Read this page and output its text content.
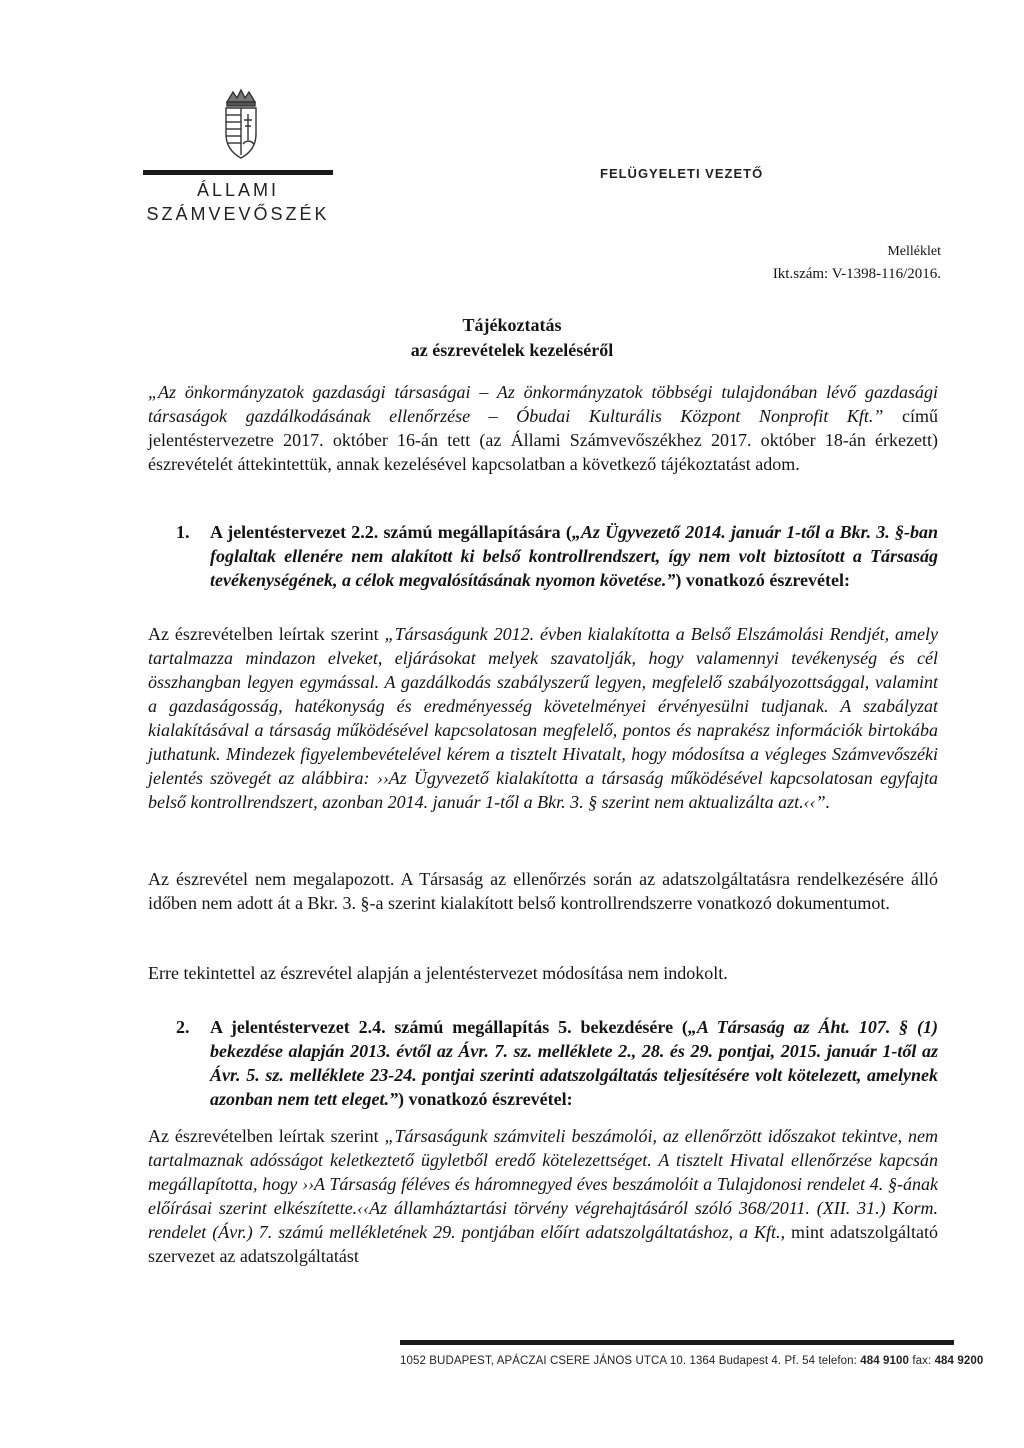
ÁLLAMI
SZÁMVEVŐSZÉK
FELÜGYELETI VEZETŐ
Melléklet
Ikt.szám: V-1398-116/2016.
Tájékoztatás
az észrevételek kezeléséről
„Az önkormányzatok gazdasági társaságai – Az önkormányzatok többségi tulajdonában lévő gazdasági társaságok gazdálkodásának ellenőrzése – Óbudai Kulturális Központ Nonprofit Kft.” című jelentéstervezetre 2017. október 16-án tett (az Állami Számvevőszékhez 2017. október 18-án érkezett) észrevételét áttekintettük, annak kezelésével kapcsolatban a következő tájékoztatást adom.
1. A jelentéstervezet 2.2. számú megállapítására („Az Ügyvezető 2014. január 1-től a Bkr. 3. §-ban foglaltak ellenére nem alakított ki belső kontrollrendszert, így nem volt biztosított a Társaság tevékenységének, a célok megvalósításának nyomon követése.”) vonatkozó észrevétel:
Az észrevételben leírtak szerint „Társaságunk 2012. évben kialakította a Belső Elszámolási Rendjét, amely tartalmazza mindazon elveket, eljárásokat melyek szavatolják, hogy valamennyi tevékenység és cél összhangban legyen egymással. A gazdálkodás szabályszerű legyen, megfelelő szabályozottsággal, valamint a gazdaságosság, hatékonyság és eredményesség követelményei érvényesülni tudjanak. A szabályzat kialakításával a társaság működésével kapcsolatosan megfelelő, pontos és naprakész információk birtokába juthatunk. Mindezek figyelembevételével kérem a tisztelt Hivatalt, hogy módosítsa a végleges Számvevőszéki jelentés szövegét az alábbira: ››Az Ügyvezető kialakította a társaság működésével kapcsolatosan egyfajta belső kontrollrendszert, azonban 2014. január 1-től a Bkr. 3. § szerint nem aktualizálta azt.‹‹”.
Az észrevétel nem megalapozott. A Társaság az ellenőrzés során az adatszolgáltatásra rendelkezésére álló időben nem adott át a Bkr. 3. §-a szerint kialakított belső kontrollrendszerre vonatkozó dokumentumot.
Erre tekintettel az észrevétel alapján a jelentéstervezet módosítása nem indokolt.
2. A jelentéstervezet 2.4. számú megállapítás 5. bekezdésére („A Társaság az Áht. 107. § (1) bekezdése alapján 2013. évtől az Ávr. 7. sz. melléklete 2., 28. és 29. pontjai, 2015. január 1-től az Ávr. 5. sz. melléklete 23-24. pontjai szerinti adatszolgáltatás teljesítésére volt kötelezett, amelynek azonban nem tett eleget.”) vonatkozó észrevétel:
Az észrevételben leírtak szerint „Társaságunk számviteli beszámolói, az ellenőrzött időszakot tekintve, nem tartalmaznak adósságot keletkeztető ügyletből eredő kötelezettséget. A tisztelt Hivatal ellenőrzése kapcsán megállapította, hogy ››A Társaság féléves és háromnegyed éves beszámolóit a Tulajdonosi rendelet 4. §-ának előírásai szerint elkészítette.‹‹Az államháztartási törvény végrehajtásáról szóló 368/2011. (XII. 31.) Korm. rendelet (Ávr.) 7. számú mellékletének 29. pontjában előírt adatszolgáltatáshoz, a Kft., mint adatszolgáltató szervezet az adatszolgáltatást
1052 BUDAPEST, APÁCZAI CSERE JÁNOS UTCA 10. 1364 Budapest 4. Pf. 54 telefon: 484 9100 fax: 484 9200
